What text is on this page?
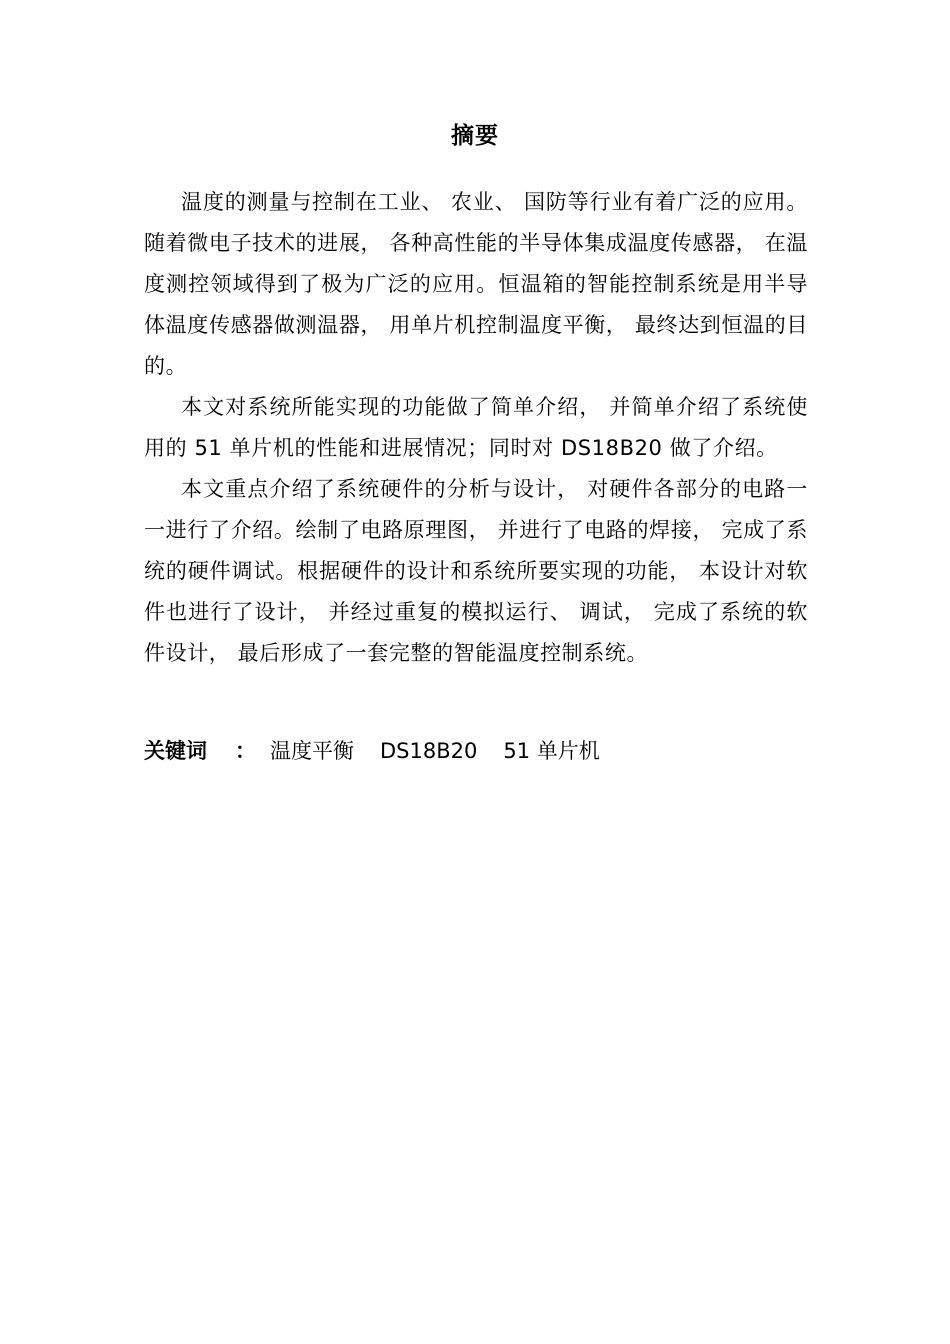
摘要

温度的测量与控制在工业、 农业、 国防等行业有着广泛的应用。随着微电子技术的进展， 各种高性能的半导体集成温度传感器， 在温度测控领域得到了极为广泛的应用。恒温箱的智能控制系统是用半导体温度传感器做测温器， 用单片机控制温度平衡， 最终达到恒温的目的。

本文对系统所能实现的功能做了简单介绍， 并简单介绍了系统使用的 51 单片机的性能和进展情况；同时对 DS18B20 做了介绍。

本文重点介绍了系统硬件的分析与设计， 对硬件各部分的电路一一进行了介绍。绘制了电路原理图， 并进行了电路的焊接， 完成了系统的硬件调试。根据硬件的设计和系统所要实现的功能， 本设计对软件也进行了设计， 并经过重复的模拟运行、 调试， 完成了系统的软件设计， 最后形成了一套完整的智能温度控制系统。

关键词 ： 温度平衡 DS18B20 51 单片机
